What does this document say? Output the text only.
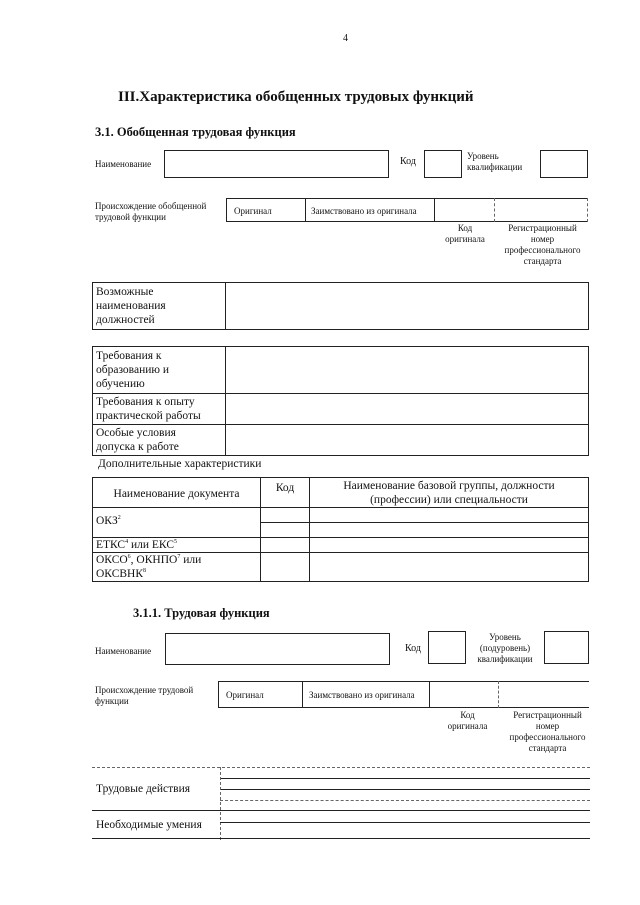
4
III.Характеристика обобщенных трудовых функций
3.1. Обобщенная трудовая функция
Наименование	Код	Уровень
квалификации
Происхождение обобщенной
трудовой функции
Оригинал	Заимствовано из оригинала
Код
оригинала
Регистрационный
номер
профессионального
стандарта
Возможные
наименования
должностей

Требования к
образованию и
обучению	

Требования к опыту
практической работы	

Особые условия
допуска к работе	

Дополнительные характеристики
Наименование документа	Код	Наименование базовой группы, должности
(профессии) или специальности

ОКЗ$^2$

ЕТКС$^4$ или ЕКС$^5$

ОКСО$^6$, ОКНПО$^7$ или
ОКСВНК$^8$

3.1.1. Трудовая функция
Наименование	Код
Уровень
(подуровень)
квалификации
Происхождение трудовой
функции
Оригинал	Заимствовано из оригинала
Код
оригинала
Регистрационный
номер
профессионального
стандарта
Трудовые действия
Необходимые умения
